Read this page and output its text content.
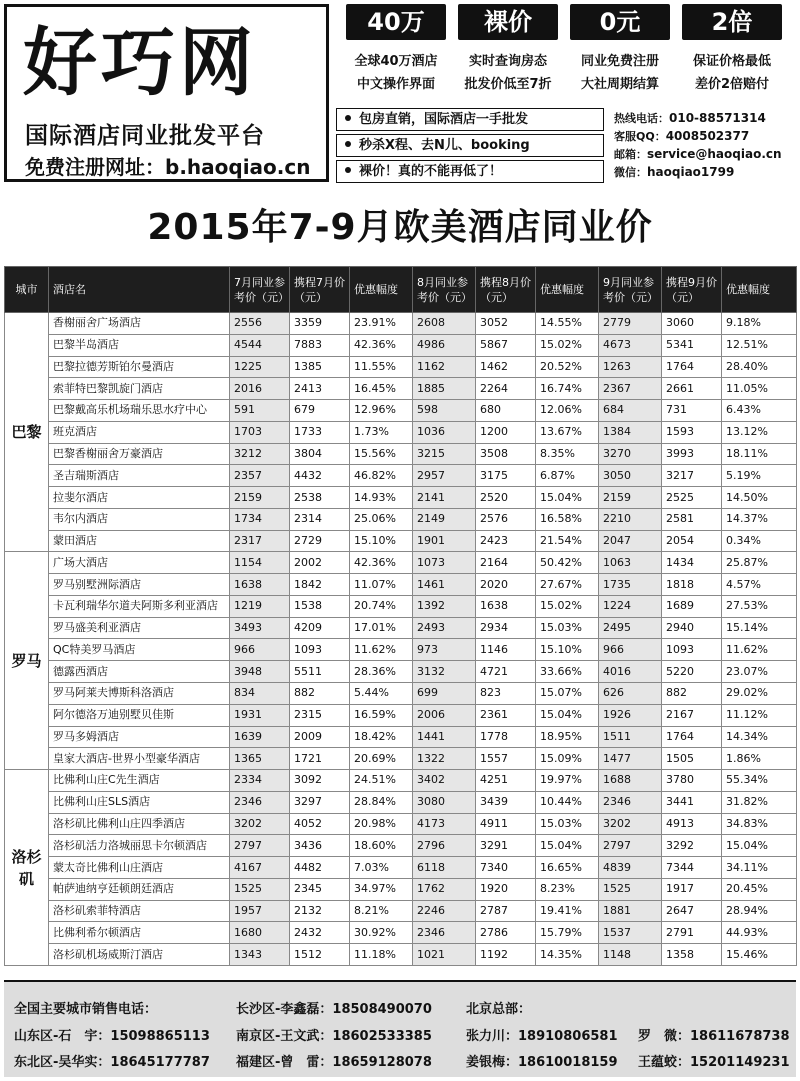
好巧网
国际酒店同业批发平台
免费注册网址：b.haoqiao.cn
40万
全球40万酒店
中文操作界面
裸价
实时查询房态
批发价低至7折
0元
同业免费注册
大社周期结算
2倍
保证价格最低
差价2倍赔付
包房直销，国际酒店一手批发
秒杀X程、去N儿、booking
裸价！真的不能再低了！
热线电话：010-88571314
客服QQ：4008502377
邮箱：service@haoqiao.cn
微信：haoqiao1799
2015年7-9月欧美酒店同业价
城市	酒店名	7月同业参考价（元）	携程7月价（元）	优惠幅度	8月同业参考价（元）	携程8月价（元）	优惠幅度	9月同业参考价（元）	携程9月价（元）	优惠幅度
巴黎	香榭丽舍广场酒店	2556	3359	23.91%	2608	3052	14.55%	2779	3060	9.18%
	巴黎半岛酒店	4544	7883	42.36%	4986	5867	15.02%	4673	5341	12.51%
	巴黎拉德芳斯铂尔曼酒店	1225	1385	11.55%	1162	1462	20.52%	1263	1764	28.40%
	索菲特巴黎凯旋门酒店	2016	2413	16.45%	1885	2264	16.74%	2367	2661	11.05%
	巴黎戴高乐机场瑞乐思水疗中心	591	679	12.96%	598	680	12.06%	684	731	6.43%
	班克酒店	1703	1733	1.73%	1036	1200	13.67%	1384	1593	13.12%
	巴黎香榭丽舍万豪酒店	3212	3804	15.56%	3215	3508	8.35%	3270	3993	18.11%
	圣吉瑞斯酒店	2357	4432	46.82%	2957	3175	6.87%	3050	3217	5.19%
	拉斐尔酒店	2159	2538	14.93%	2141	2520	15.04%	2159	2525	14.50%
	韦尔内酒店	1734	2314	25.06%	2149	2576	16.58%	2210	2581	14.37%
	蒙田酒店	2317	2729	15.10%	1901	2423	21.54%	2047	2054	0.34%
罗马	广场大酒店	1154	2002	42.36%	1073	2164	50.42%	1063	1434	25.87%
	罗马别墅洲际酒店	1638	1842	11.07%	1461	2020	27.67%	1735	1818	4.57%
	卡瓦利瑞华尔道夫阿斯多利亚酒店	1219	1538	20.74%	1392	1638	15.02%	1224	1689	27.53%
	罗马盛美利亚酒店	3493	4209	17.01%	2493	2934	15.03%	2495	2940	15.14%
	QC特美罗马酒店	966	1093	11.62%	973	1146	15.10%	966	1093	11.62%
	德露西酒店	3948	5511	28.36%	3132	4721	33.66%	4016	5220	23.07%
	罗马阿莱夫博斯科洛酒店	834	882	5.44%	699	823	15.07%	626	882	29.02%
	阿尔德洛万迪别墅贝佳斯	1931	2315	16.59%	2006	2361	15.04%	1926	2167	11.12%
	罗马多姆酒店	1639	2009	18.42%	1441	1778	18.95%	1511	1764	14.34%
	皇家大酒店-世界小型豪华酒店	1365	1721	20.69%	1322	1557	15.09%	1477	1505	1.86%
洛杉矶	比佛利山庄C先生酒店	2334	3092	24.51%	3402	4251	19.97%	1688	3780	55.34%
	比佛利山庄SLS酒店	2346	3297	28.84%	3080	3439	10.44%	2346	3441	31.82%
	洛杉矶比佛利山庄四季酒店	3202	4052	20.98%	4173	4911	15.03%	3202	4913	34.83%
	洛杉矶活力洛城丽思卡尔顿酒店	2797	3436	18.60%	2796	3291	15.04%	2797	3292	15.04%
	蒙太奇比佛利山庄酒店	4167	4482	7.03%	6118	7340	16.65%	4839	7344	34.11%
	帕萨迪纳亨廷顿朗廷酒店	1525	2345	34.97%	1762	1920	8.23%	1525	1917	20.45%
	洛杉矶索菲特酒店	1957	2132	8.21%	2246	2787	19.41%	1881	2647	28.94%
	比佛利希尔顿酒店	1680	2432	30.92%	2346	2786	15.79%	1537	2791	44.93%
	洛杉矶机场威斯汀酒店	1343	1512	11.18%	1021	1192	14.35%	1148	1358	15.46%
全国主要城市销售电话：	长沙区-李鑫磊：18508490070	北京总部：
山东区-石　宇：15098865113 南京区-王文武：18602533385	张力川：18910806581 罗　微：18611678738
东北区-吴华实：18645177787 福建区-曾　雷：18659128078	姜银梅：18610018159 王蕴蛟：15201149231
